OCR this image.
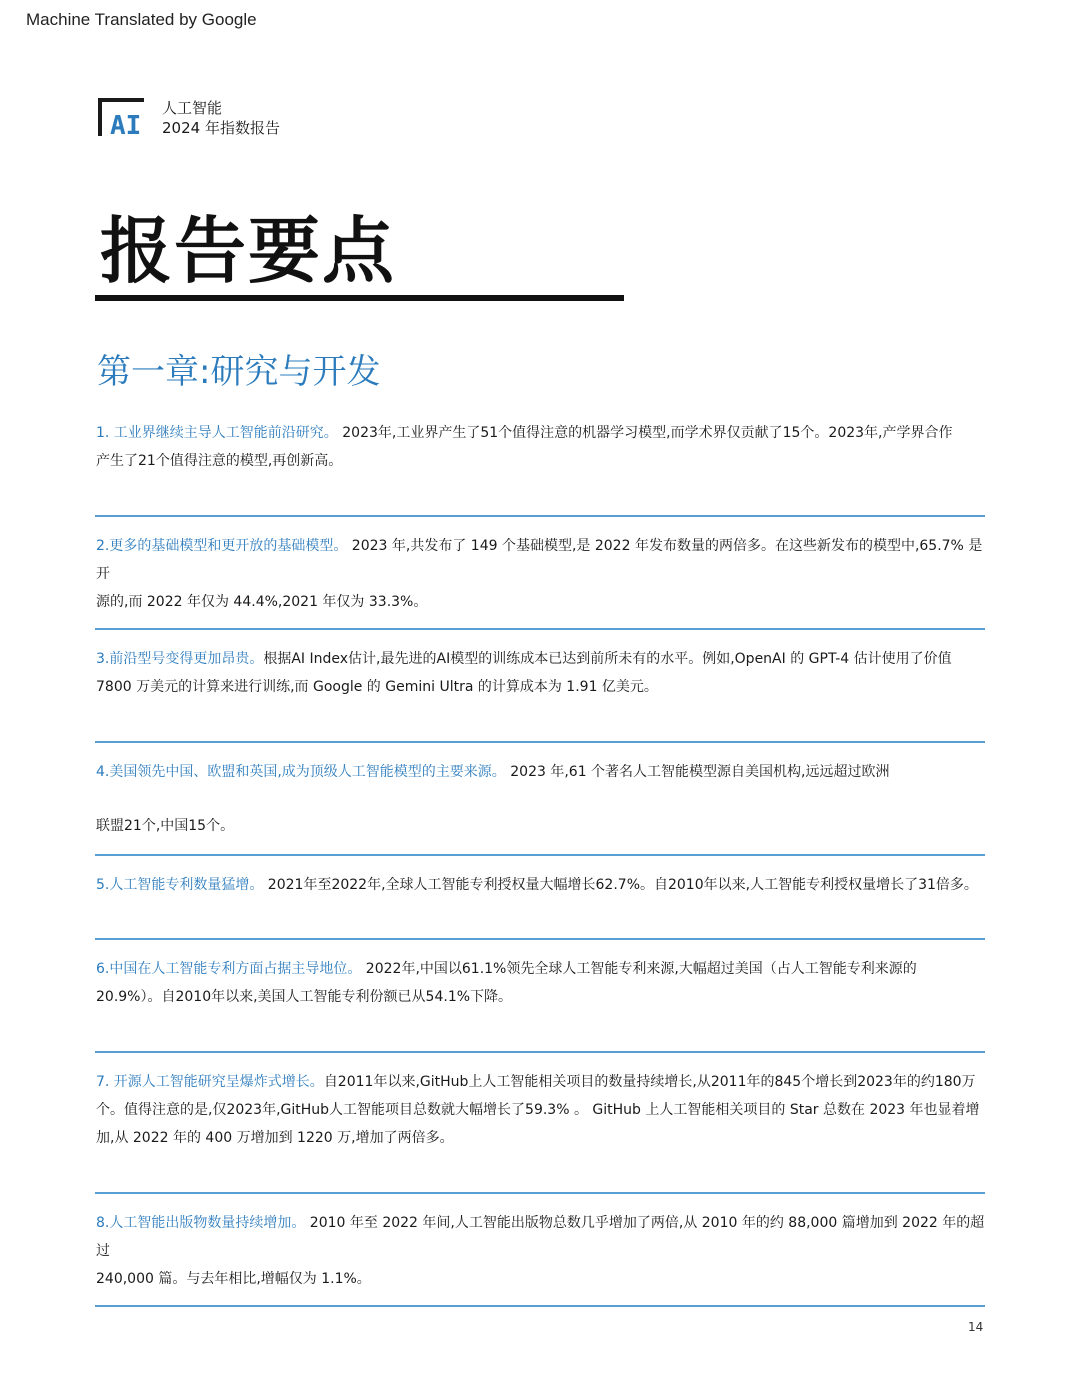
Machine Translated by Google
AI
人工智能
2024 年指数报告
报告要点
第一章:研究与开发
1. 工业界继续主导人工智能前沿研究。 2023年,工业界产生了51个值得注意的机器学习模型,而学术界仅贡献了15个。2023年,产学界合作
产生了21个值得注意的模型,再创新高。
2.更多的基础模型和更开放的基础模型。 2023 年,共发布了 149 个基础模型,是 2022 年发布数量的两倍多。在这些新发布的模型中,65.7% 是开
源的,而 2022 年仅为 44.4%,2021 年仅为 33.3%。
3.前沿型号变得更加昂贵。根据AI Index估计,最先进的AI模型的训练成本已达到前所未有的水平。例如,OpenAI 的 GPT-4 估计使用了价值
7800 万美元的计算来进行训练,而 Google 的 Gemini Ultra 的计算成本为 1.91 亿美元。
4.美国领先中国、欧盟和英国,成为顶级人工智能模型的主要来源。 2023 年,61 个著名人工智能模型源自美国机构,远远超过欧洲
联盟21个,中国15个。
5.人工智能专利数量猛增。 2021年至2022年,全球人工智能专利授权量大幅增长62.7%。自2010年以来,人工智能专利授权量增长了31倍多。
6.中国在人工智能专利方面占据主导地位。 2022年,中国以61.1%领先全球人工智能专利来源,大幅超过美国（占人工智能专利来源的
20.9%）。自2010年以来,美国人工智能专利份额已从54.1%下降。
7. 开源人工智能研究呈爆炸式增长。自2011年以来,GitHub上人工智能相关项目的数量持续增长,从2011年的845个增长到2023年的约180万
个。值得注意的是,仅2023年,GitHub人工智能项目总数就大幅增长了59.3% 。 GitHub 上人工智能相关项目的 Star 总数在 2023 年也显着增
加,从 2022 年的 400 万增加到 1220 万,增加了两倍多。
8.人工智能出版物数量持续增加。 2010 年至 2022 年间,人工智能出版物总数几乎增加了两倍,从 2010 年的约 88,000 篇增加到 2022 年的超过
240,000 篇。与去年相比,增幅仅为 1.1%。
14
